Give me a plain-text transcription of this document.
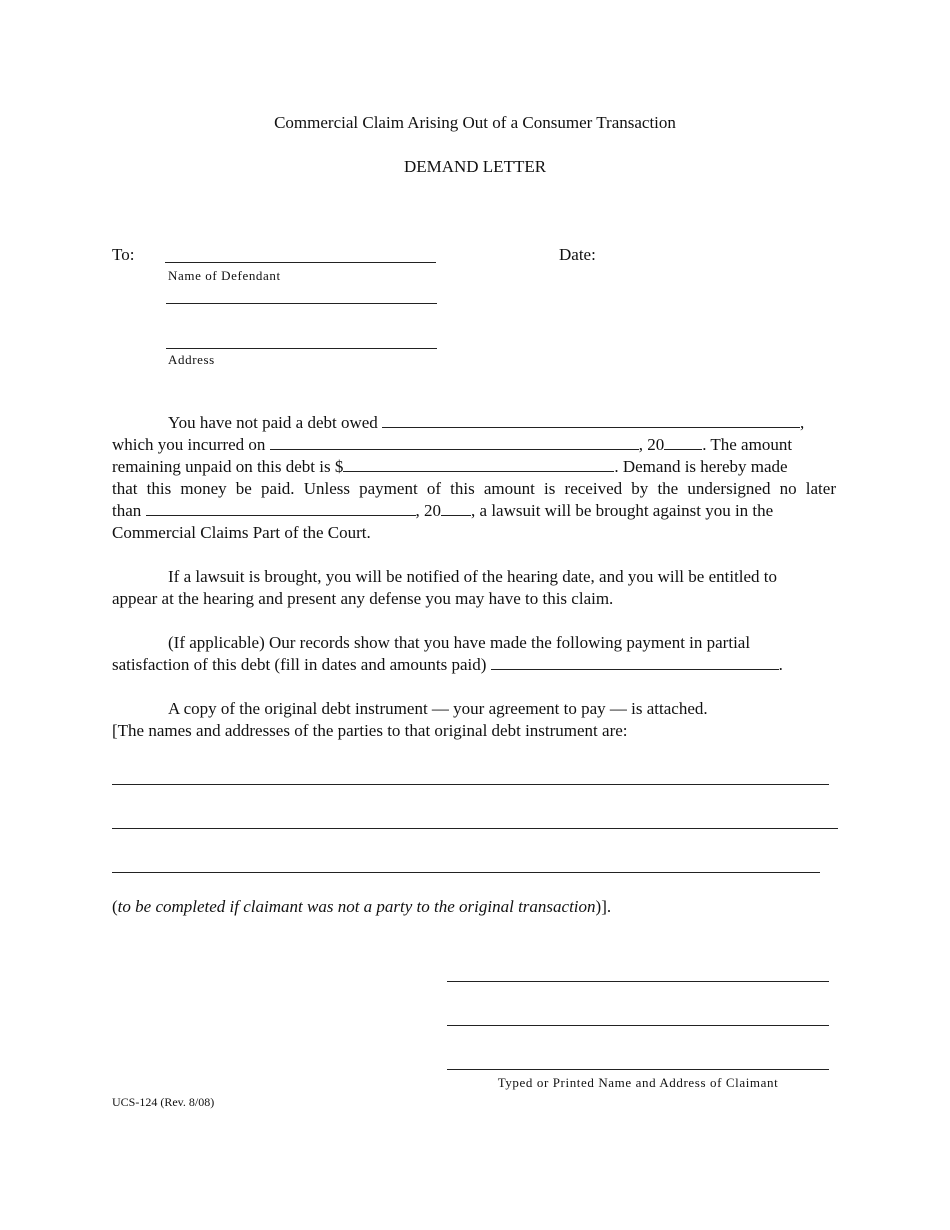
Commercial Claim Arising Out of a Consumer Transaction
DEMAND LETTER
To:
Name of Defendant
Address
Date:
You have not paid a debt owed	,
which you incurred on	, 20 . The amount
remaining unpaid on this debt is $	. Demand is hereby made
that this money be paid. Unless payment of this amount is received by the undersigned no later
than	, 20 , a lawsuit will be brought against you in the
Commercial Claims Part of the Court.
If a lawsuit is brought, you will be notified of the hearing date, and you will be entitled to
appear at the hearing and present any defense you may have to this claim.
(If applicable) Our records show that you have made the following payment in partial
satisfaction of this debt (fill in dates and amounts paid)	.
A copy of the original debt instrument — your agreement to pay — is attached.
[The names and addresses of the parties to that original debt instrument are:
(to be completed if claimant was not a party to the original transaction)].
Typed or Printed Name and Address of Claimant
UCS-124 (Rev. 8/08)
